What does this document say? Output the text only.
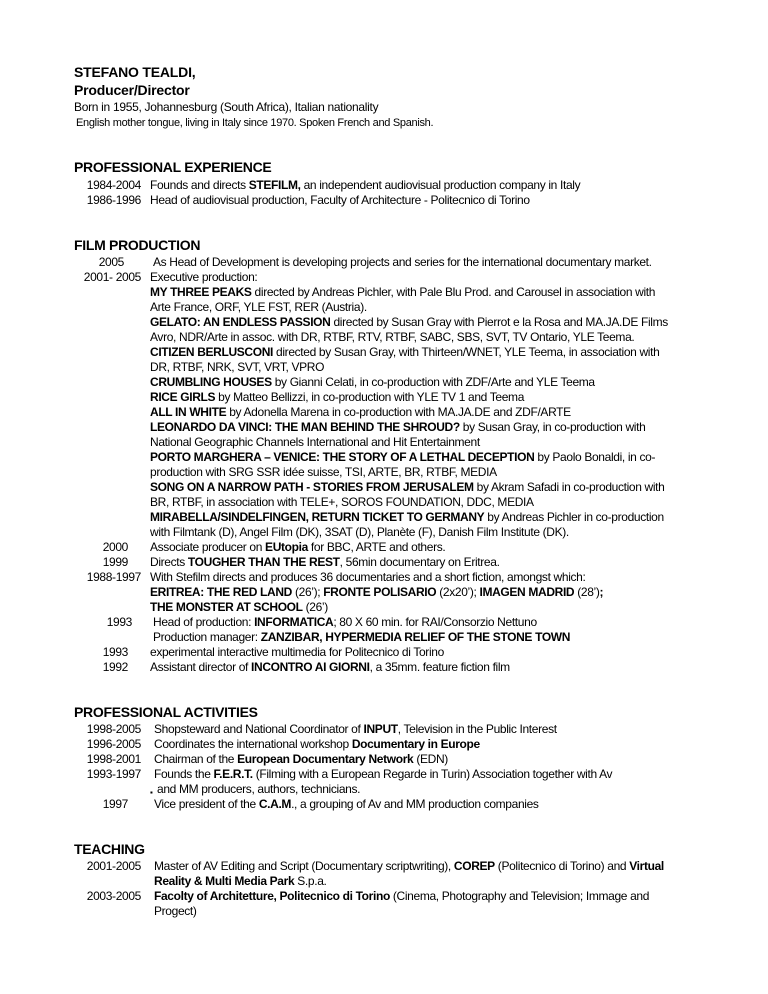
STEFANO TEALDI,
Producer/Director
Born in 1955, Johannesburg (South Africa), Italian nationality
English mother tongue, living in Italy since 1970. Spoken French and Spanish.
PROFESSIONAL EXPERIENCE
1984-2004 Founds and directs STEFILM, an independent audiovisual production company in Italy
1986-1996 Head of audiovisual production, Faculty of Architecture - Politecnico di Torino
FILM PRODUCTION
2005 As Head of Development is developing projects and series for the international documentary market.
2001- 2005 Executive production:
MY THREE PEAKS directed by Andreas Pichler, with Pale Blu Prod. and Carousel in association with
Arte France, ORF, YLE FST, RER (Austria).
GELATO: AN ENDLESS PASSION directed by Susan Gray with Pierrot e la Rosa and MA.JA.DE Films
Avro, NDR/Arte in assoc. with DR, RTBF, RTV, RTBF, SABC, SBS, SVT, TV Ontario, YLE Teema.
CITIZEN BERLUSCONI directed by Susan Gray, with Thirteen/WNET, YLE Teema, in association with
DR, RTBF, NRK, SVT, VRT, VPRO
CRUMBLING HOUSES by Gianni Celati, in co-production with ZDF/Arte and YLE Teema
RICE GIRLS by Matteo Bellizzi, in co-production with YLE TV 1 and Teema
ALL IN WHITE by Adonella Marena in co-production with MA.JA.DE and ZDF/ARTE
LEONARDO DA VINCI: THE MAN BEHIND THE SHROUD? by Susan Gray, in co-production with
National Geographic Channels International and Hit Entertainment
PORTO MARGHERA – VENICE: THE STORY OF A LETHAL DECEPTION by Paolo Bonaldi, in co-
production with SRG SSR idée suisse, TSI, ARTE, BR, RTBF, MEDIA
SONG ON A NARROW PATH - STORIES FROM JERUSALEM by Akram Safadi in co-production with
BR, RTBF, in association with TELE+, SOROS FOUNDATION, DDC, MEDIA
MIRABELLA/SINDELFINGEN, RETURN TICKET TO GERMANY by Andreas Pichler in co-production
with Filmtank (D), Angel Film (DK), 3SAT (D), Planète (F), Danish Film Institute (DK).
2000 Associate producer on EUtopia for BBC, ARTE and others.
1999 Directs TOUGHER THAN THE REST, 56min documentary on Eritrea.
1988-1997 With Stefilm directs and produces 36 documentaries and a short fiction, amongst which:
ERITREA: THE RED LAND (26’); FRONTE POLISARIO (2x20’); IMAGEN MADRID (28’);
THE MONSTER AT SCHOOL (26’)
1993 Head of production: INFORMATICA; 80 X 60 min. for RAI/Consorzio Nettuno
Production manager: ZANZIBAR, HYPERMEDIA RELIEF OF THE STONE TOWN
1993 experimental interactive multimedia for Politecnico di Torino
1992 Assistant director of INCONTRO AI GIORNI, a 35mm. feature fiction film
PROFESSIONAL ACTIVITIES
1998-2005 Shopsteward and National Coordinator of INPUT, Television in the Public Interest
1996-2005 Coordinates the international workshop Documentary in Europe
1998-2001 Chairman of the European Documentary Network (EDN)
1993-1997 Founds the F.E.R.T. (Filming with a European Regarde in Turin) Association together with Av
▪ and MM producers, authors, technicians.
1997 Vice president of the C.A.M., a grouping of Av and MM production companies
TEACHING
2001-2005 Master of AV Editing and Script (Documentary scriptwriting), COREP (Politecnico di Torino) and Virtual
Reality & Multi Media Park S.p.a.
2003-2005 Facolty of Architetture, Politecnico di Torino (Cinema, Photography and Television; Immage and
Progect)
